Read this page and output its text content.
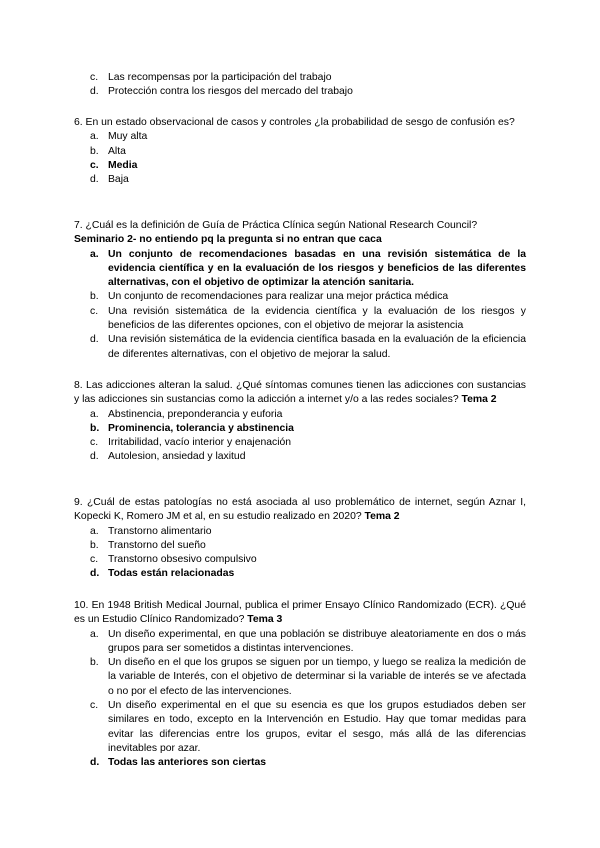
c. Las recompensas por la participación del trabajo
d. Protección contra los riesgos del mercado del trabajo
6. En un estado observacional de casos y controles ¿la probabilidad de sesgo de confusión es?
a. Muy alta
b. Alta
c. Media
d. Baja
7. ¿Cuál es la definición de Guía de Práctica Clínica según National Research Council?
Seminario 2- no entiendo pq la pregunta si no entran que caca
a. Un conjunto de recomendaciones basadas en una revisión sistemática de la evidencia científica y en la evaluación de los riesgos y beneficios de las diferentes alternativas, con el objetivo de optimizar la atención sanitaria.
b. Un conjunto de recomendaciones para realizar una mejor práctica médica
c. Una revisión sistemática de la evidencia científica y la evaluación de los riesgos y beneficios de las diferentes opciones, con el objetivo de mejorar la asistencia
d. Una revisión sistemática de la evidencia científica basada en la evaluación de la eficiencia de diferentes alternativas, con el objetivo de mejorar la salud.
8. Las adicciones alteran la salud. ¿Qué síntomas comunes tienen las adicciones con sustancias y las adicciones sin sustancias como la adicción a internet y/o a las redes sociales? Tema 2
a. Abstinencia, preponderancia y euforia
b. Prominencia, tolerancia y abstinencia
c. Irritabilidad, vacío interior y enajenación
d. Autolesion, ansiedad y laxitud
9. ¿Cuál de estas patologías no está asociada al uso problemático de internet, según Aznar I, Kopecki K, Romero JM et al, en su estudio realizado en 2020? Tema 2
a. Transtorno alimentario
b. Transtorno del sueño
c. Transtorno obsesivo compulsivo
d. Todas están relacionadas
10. En 1948 British Medical Journal, publica el primer Ensayo Clínico Randomizado (ECR). ¿Qué es un Estudio Clínico Randomizado? Tema 3
a. Un diseño experimental, en que una población se distribuye aleatoriamente en dos o más grupos para ser sometidos a distintas intervenciones.
b. Un diseño en el que los grupos se siguen por un tiempo, y luego se realiza la medición de la variable de Interés, con el objetivo de determinar si la variable de interés se ve afectada o no por el efecto de las intervenciones.
c. Un diseño experimental en el que su esencia es que los grupos estudiados deben ser similares en todo, excepto en la Intervención en Estudio. Hay que tomar medidas para evitar las diferencias entre los grupos, evitar el sesgo, más allá de las diferencias inevitables por azar.
d. Todas las anteriores son ciertas
